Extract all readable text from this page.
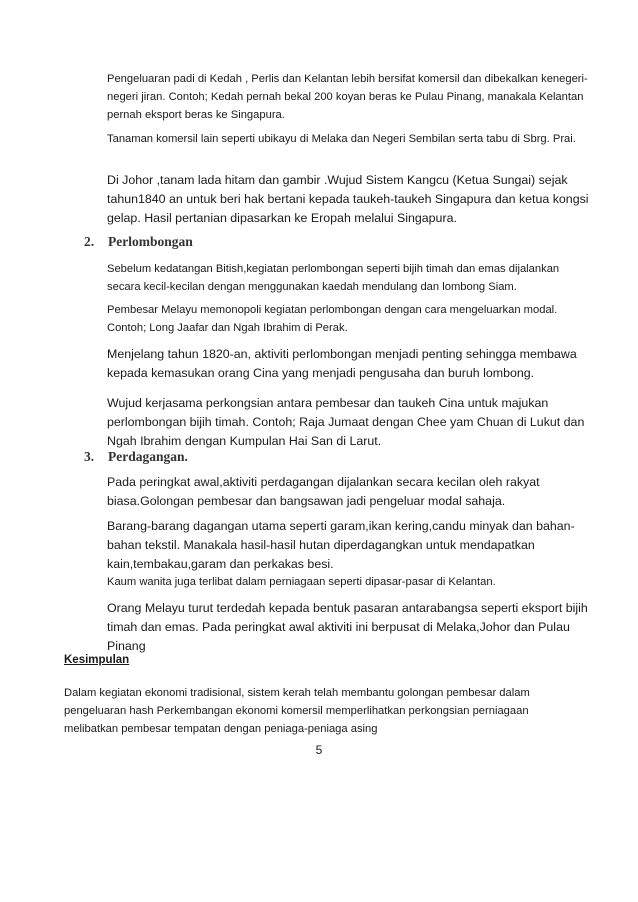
Pengeluaran padi di Kedah , Perlis dan Kelantan lebih bersifat komersil dan dibekalkan kenegeri-negeri jiran. Contoh; Kedah pernah bekal 200 koyan beras ke Pulau Pinang, manakala Kelantan pernah eksport beras ke Singapura.

Tanaman komersil lain seperti ubikayu di Melaka dan Negeri Sembilan serta tabu di Sbrg. Prai.

Di Johor ,tanam lada hitam dan gambir .Wujud Sistem Kangcu (Ketua Sungai) sejak tahun1840 an untuk beri hak bertani kepada taukeh-taukeh Singapura dan ketua kongsi gelap. Hasil pertanian dipasarkan ke Eropah melalui Singapura.

2. Perlombongan

Sebelum kedatangan Bitish,kegiatan perlombongan seperti bijih timah dan emas dijalankan secara kecil-kecilan dengan menggunakan kaedah mendulang dan lombong Siam.

Pembesar Melayu memonopoli kegiatan perlombongan dengan cara mengeluarkan modal. Contoh; Long Jaafar dan Ngah Ibrahim di Perak.

Menjelang tahun 1820-an, aktiviti perlombongan menjadi penting sehingga membawa kepada kemasukan orang Cina yang menjadi pengusaha dan buruh lombong.

Wujud kerjasama perkongsian antara pembesar dan taukeh Cina untuk majukan perlombongan bijih timah. Contoh; Raja Jumaat dengan Chee yam Chuan di Lukut dan Ngah Ibrahim dengan Kumpulan Hai San di Larut.

3. Perdagangan.

Pada peringkat awal,aktiviti perdagangan dijalankan secara kecilan oleh rakyat biasa.Golongan pembesar dan bangsawan jadi pengeluar modal sahaja.

Barang-barang dagangan utama seperti garam,ikan kering,candu minyak dan bahan-bahan tekstil. Manakala hasil-hasil hutan diperdagangkan untuk mendapatkan kain,tembakau,garam dan perkakas besi.

Kaum wanita juga terlibat dalam perniagaan seperti dipasar-pasar di Kelantan.

Orang Melayu turut terdedah kepada bentuk pasaran antarabangsa seperti eksport bijih timah dan emas. Pada peringkat awal aktiviti ini berpusat di Melaka,Johor dan Pulau Pinang

Kesimpulan

Dalam kegiatan ekonomi tradisional, sistem kerah telah membantu golongan pembesar dalam pengeluaran hash Perkembangan ekonomi komersil memperlihatkan perkongsian perniagaan melibatkan pembesar tempatan dengan peniaga-peniaga asing

5
